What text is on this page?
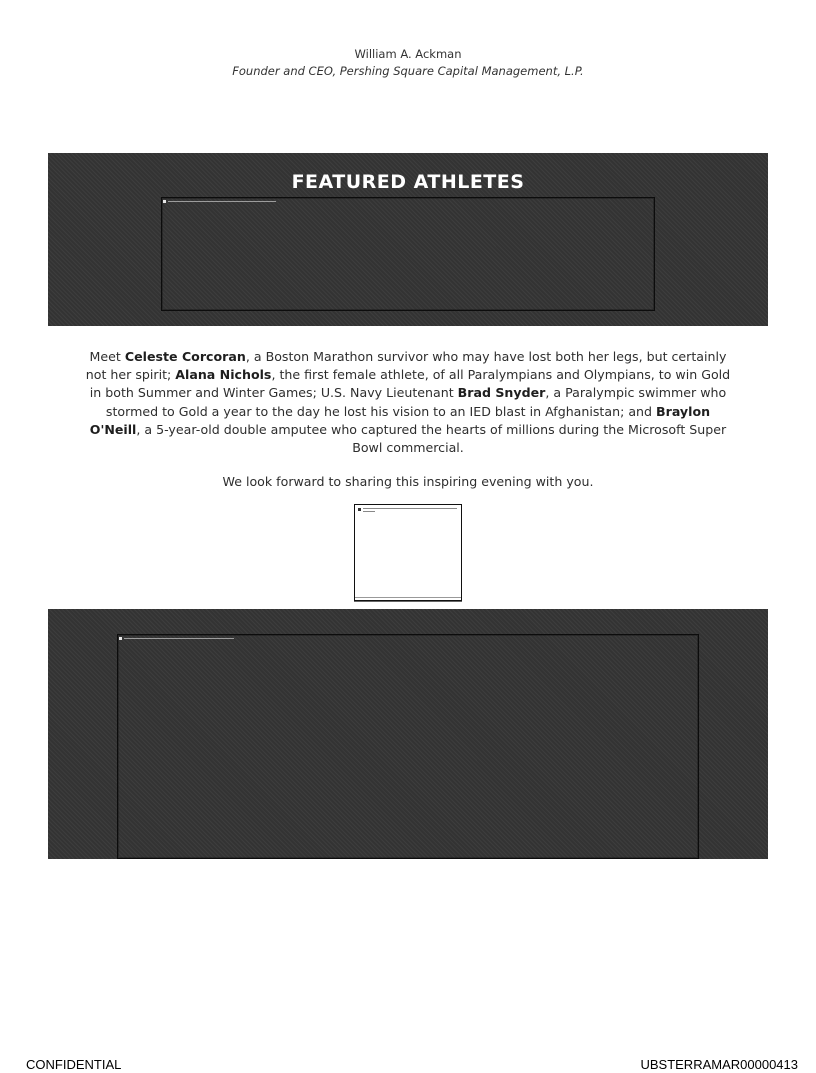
William A. Ackman
Founder and CEO, Pershing Square Capital Management, L.P.
FEATURED ATHLETES
Meet Celeste Corcoran, a Boston Marathon survivor who may have lost both her legs, but certainly not her spirit; Alana Nichols, the first female athlete, of all Paralympians and Olympians, to win Gold in both Summer and Winter Games; U.S. Navy Lieutenant Brad Snyder, a Paralympic swimmer who stormed to Gold a year to the day he lost his vision to an IED blast in Afghanistan; and Braylon O'Neill, a 5-year-old double amputee who captured the hearts of millions during the Microsoft Super Bowl commercial.
We look forward to sharing this inspiring evening with you.
CONFIDENTIAL	UBSTERRAMAR00000413
